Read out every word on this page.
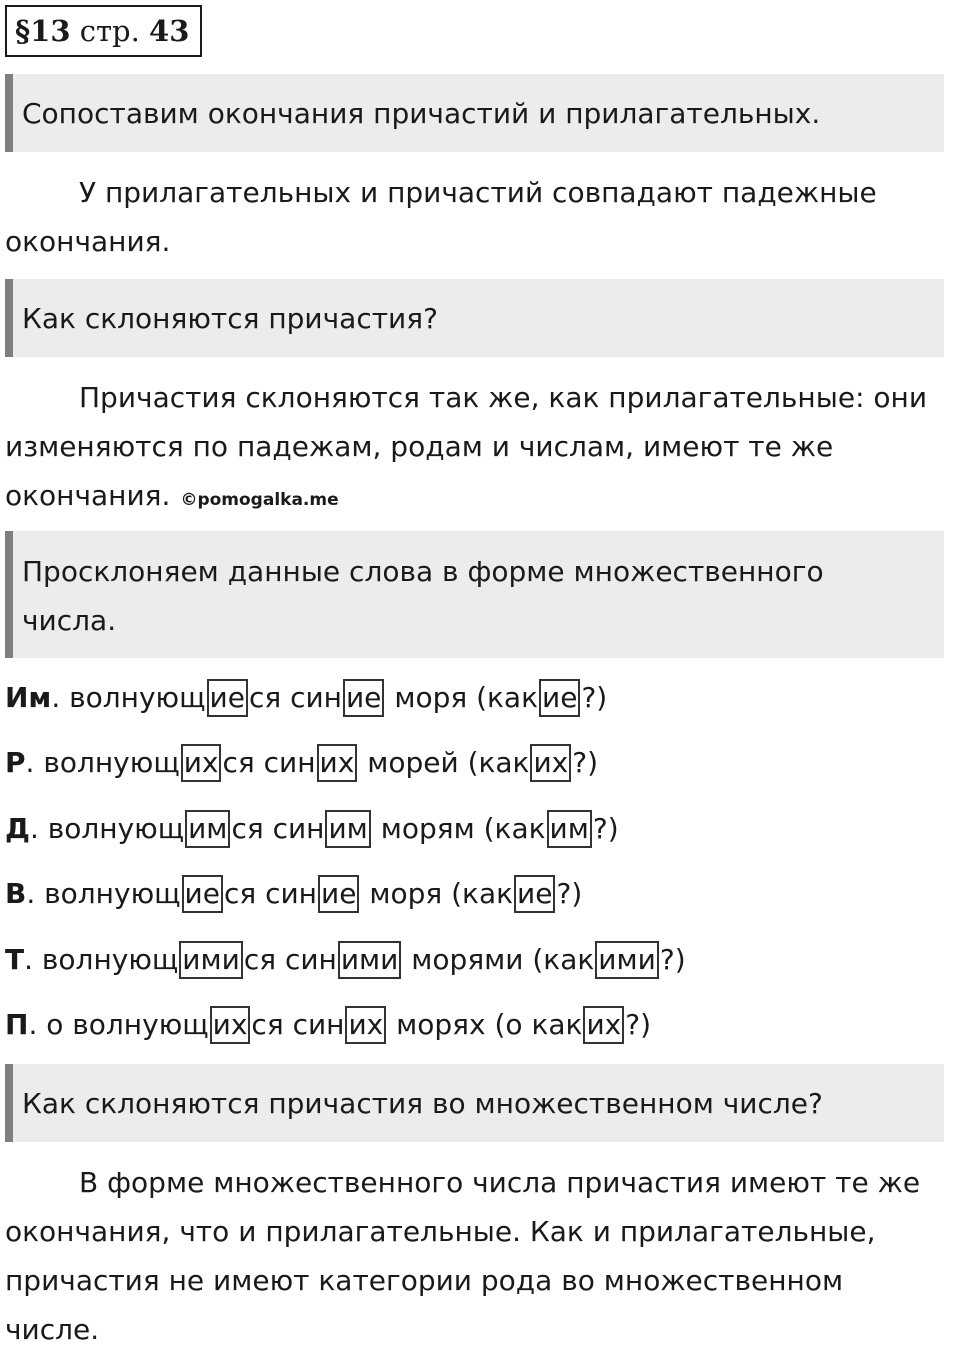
§13 стр. 43
Сопоставим окончания причастий и прилагательных.
У прилагательных и причастий совпадают падежные
окончания.
Как склоняются причастия?
Причастия склоняются так же, как прилагательные: они
изменяются по падежам, родам и числам, имеют те же
окончания. ©pomogalka.me
Просклоняем данные слова в форме множественного
числа.
Им. волнующ ие ся син ие моря (как ие ?)
Р. волнующ их ся син их морей (как их ?)
Д. волнующ им ся син им морям (как им ?)
В. волнующ ие ся син ие моря (как ие ?)
Т. волнующ ими ся син ими морями (как ими ?)
П. о волнующ их ся син их морях (о как их ?)
Как склоняются причастия во множественном числе?
В форме множественного числа причастия имеют те же
окончания, что и прилагательные. Как и прилагательные,
причастия не имеют категории рода во множественном
числе.
